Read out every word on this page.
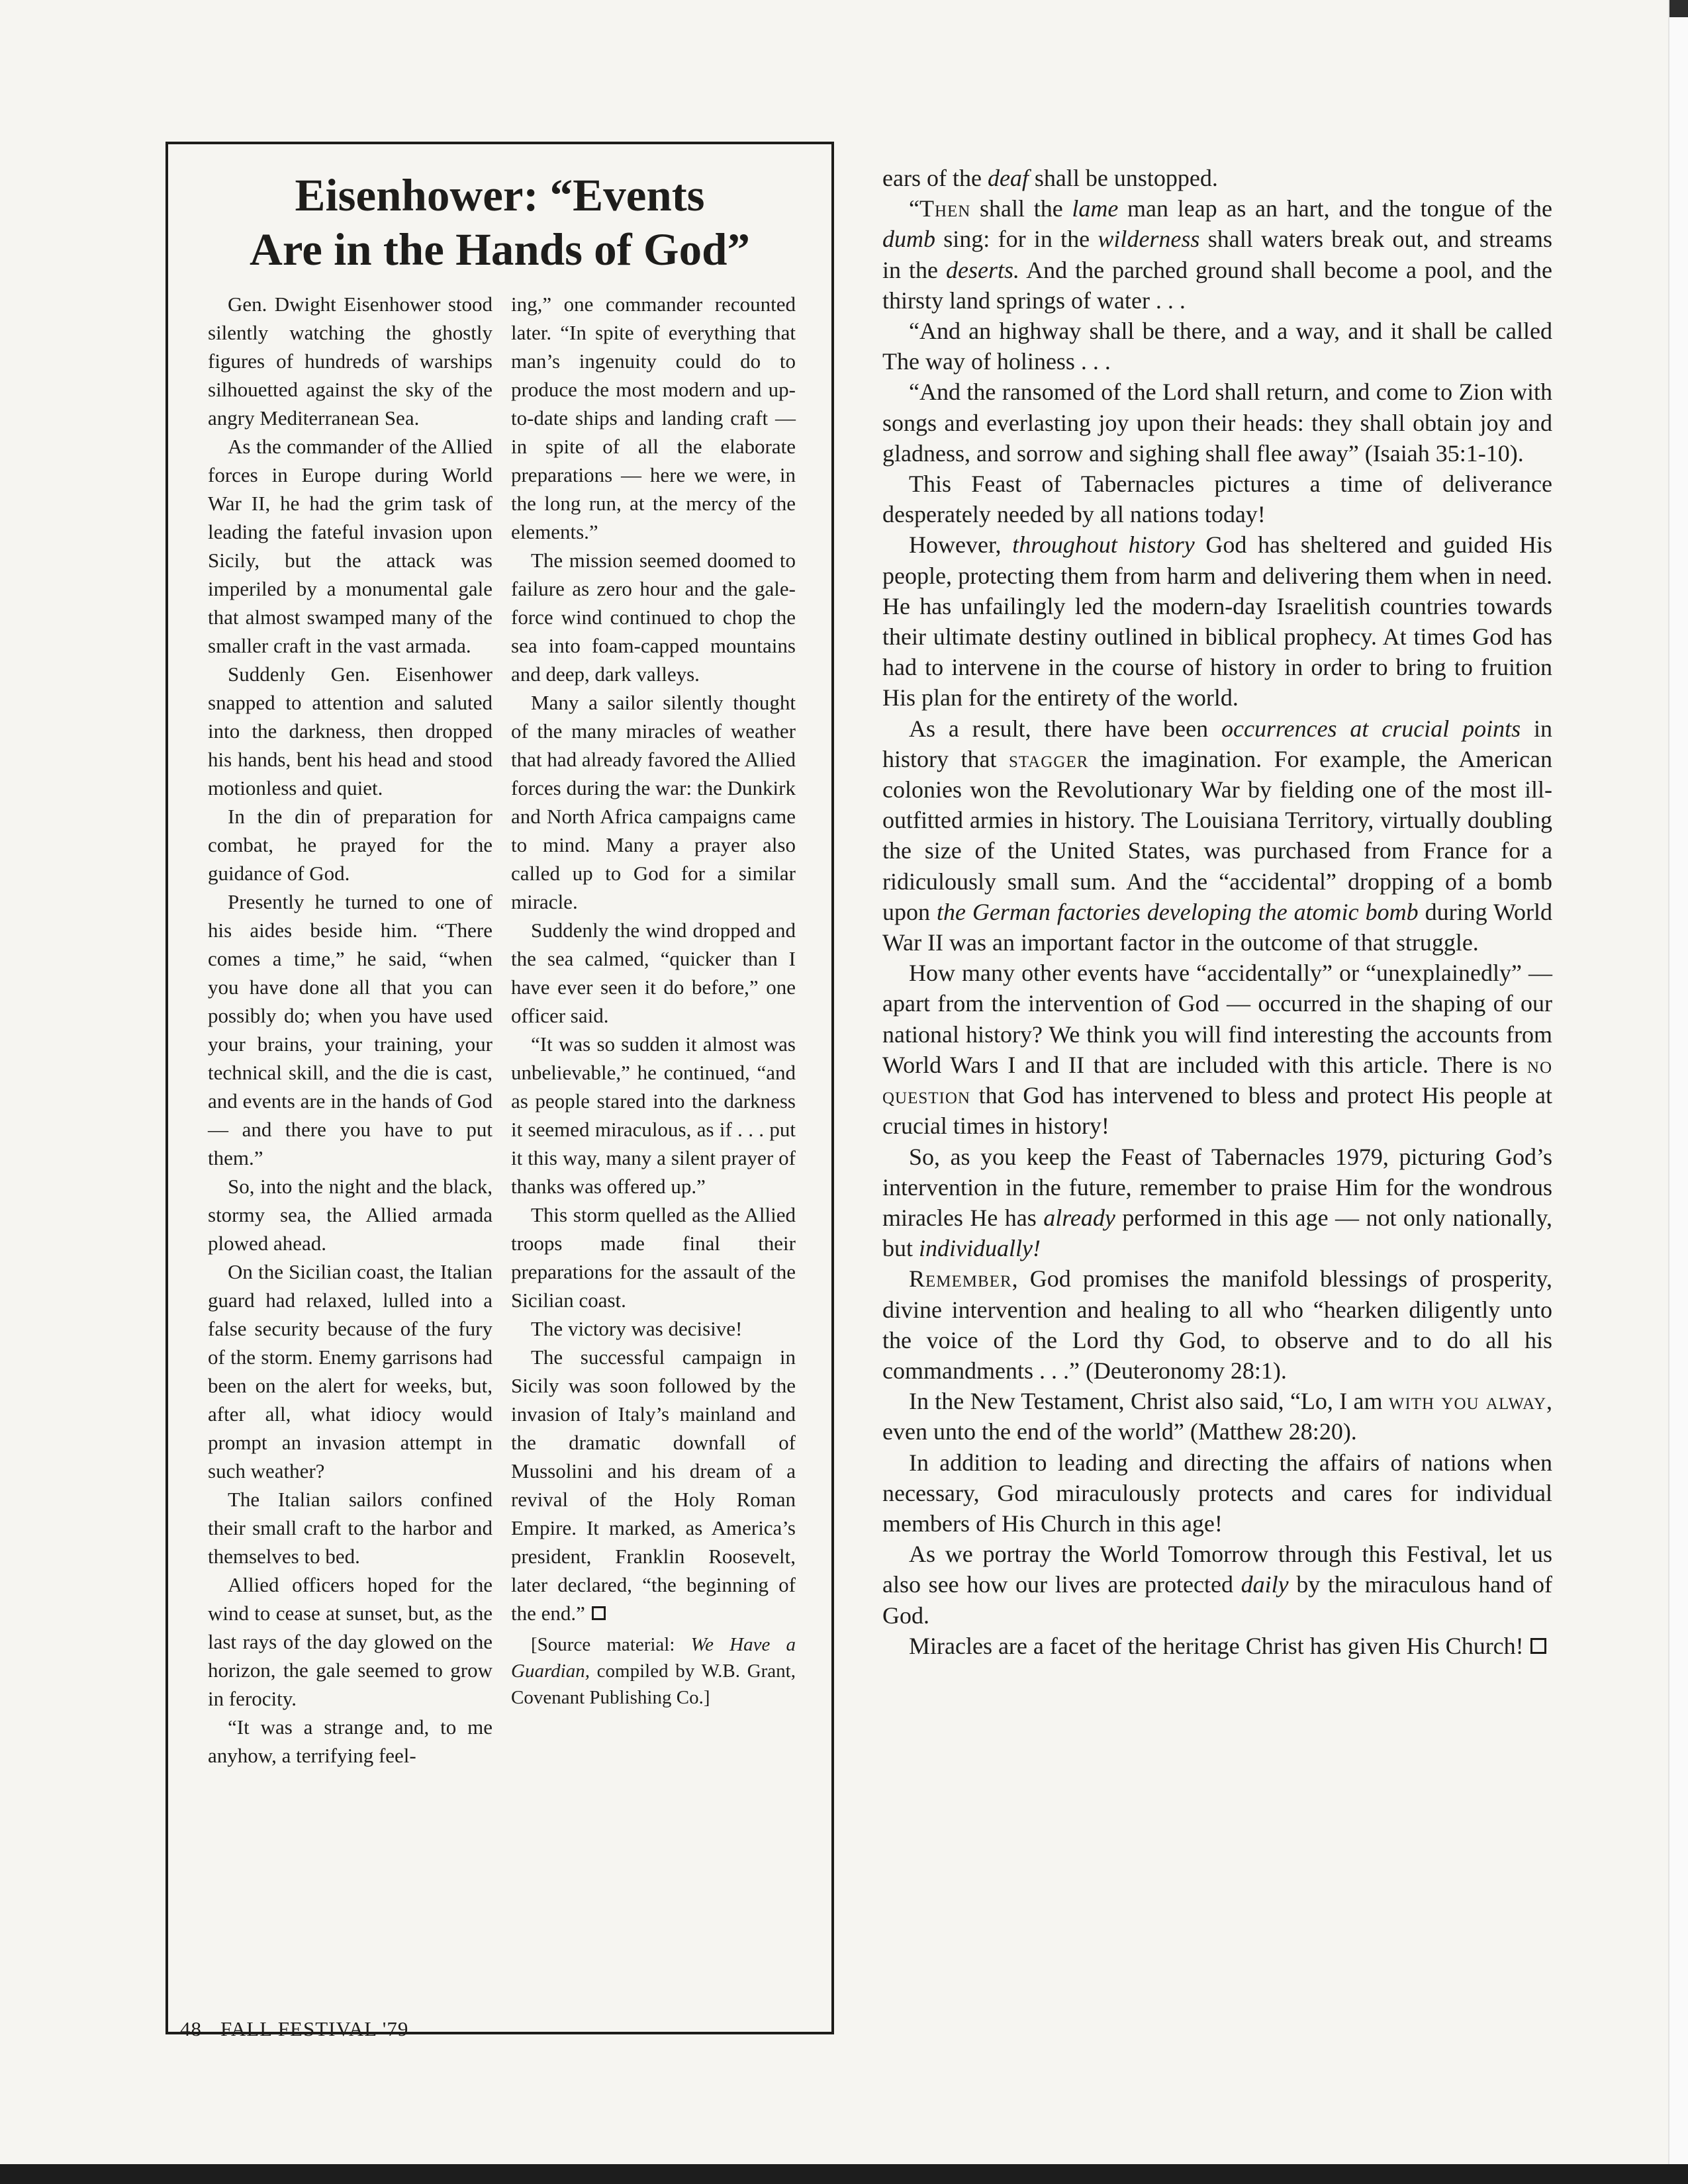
Eisenhower: “Events
Are in the Hands of God”

Gen. Dwight Eisenhower stood silently watching the ghostly figures of hundreds of warships silhouetted against the sky of the angry Mediterranean Sea.

As the commander of the Allied forces in Europe during World War II, he had the grim task of leading the fateful invasion upon Sicily, but the attack was imperiled by a monumental gale that almost swamped many of the smaller craft in the vast armada.

Suddenly Gen. Eisenhower snapped to attention and saluted into the darkness, then dropped his hands, bent his head and stood motionless and quiet.

In the din of preparation for combat, he prayed for the guidance of God.

Presently he turned to one of his aides beside him. “There comes a time,” he said, “when you have done all that you can possibly do; when you have used your brains, your training, your technical skill, and the die is cast, and events are in the hands of God — and there you have to put them.”

So, into the night and the black, stormy sea, the Allied armada plowed ahead.

On the Sicilian coast, the Italian guard had relaxed, lulled into a false security because of the fury of the storm. Enemy garrisons had been on the alert for weeks, but, after all, what idiocy would prompt an invasion attempt in such weather?

The Italian sailors confined their small craft to the harbor and themselves to bed.

Allied officers hoped for the wind to cease at sunset, but, as the last rays of the day glowed on the horizon, the gale seemed to grow in ferocity.

“It was a strange and, to me anyhow, a terrifying feel-

ing,” one commander recounted later. “In spite of everything that man’s ingenuity could do to produce the most modern and up-to-date ships and landing craft — in spite of all the elaborate preparations — here we were, in the long run, at the mercy of the elements.”

The mission seemed doomed to failure as zero hour and the gale-force wind continued to chop the sea into foam-capped mountains and deep, dark valleys.

Many a sailor silently thought of the many miracles of weather that had already favored the Allied forces during the war: the Dunkirk and North Africa campaigns came to mind. Many a prayer also called up to God for a similar miracle.

Suddenly the wind dropped and the sea calmed, “quicker than I have ever seen it do before,” one officer said.

“It was so sudden it almost was unbelievable,” he continued, “and as people stared into the darkness it seemed miraculous, as if . . . put it this way, many a silent prayer of thanks was offered up.”

This storm quelled as the Allied troops made final their preparations for the assault of the Sicilian coast.

The victory was decisive!

The successful campaign in Sicily was soon followed by the invasion of Italy’s mainland and the dramatic downfall of Mussolini and his dream of a revival of the Holy Roman Empire. It marked, as America’s president, Franklin Roosevelt, later declared, “the beginning of the end.”

[Source material: We Have a Guardian, compiled by W.B. Grant, Covenant Publishing Co.]

ears of the deaf shall be unstopped.

“Then shall the lame man leap as an hart, and the tongue of the dumb sing: for in the wilderness shall waters break out, and streams in the deserts. And the parched ground shall become a pool, and the thirsty land springs of water . . .

“And an highway shall be there, and a way, and it shall be called The way of holiness . . .

“And the ransomed of the Lord shall return, and come to Zion with songs and everlasting joy upon their heads: they shall obtain joy and gladness, and sorrow and sighing shall flee away” (Isaiah 35:1-10).

This Feast of Tabernacles pictures a time of deliverance desperately needed by all nations today!

However, throughout history God has sheltered and guided His people, protecting them from harm and delivering them when in need. He has unfailingly led the modern-day Israelitish countries towards their ultimate destiny outlined in biblical prophecy. At times God has had to intervene in the course of history in order to bring to fruition His plan for the entirety of the world.

As a result, there have been occurrences at crucial points in history that stagger the imagination. For example, the American colonies won the Revolutionary War by fielding one of the most ill-outfitted armies in history. The Louisiana Territory, virtually doubling the size of the United States, was purchased from France for a ridiculously small sum. And the “accidental” dropping of a bomb upon the German factories developing the atomic bomb during World War II was an important factor in the outcome of that struggle.

How many other events have “accidentally” or “unexplainedly” — apart from the intervention of God — occurred in the shaping of our national history? We think you will find interesting the accounts from World Wars I and II that are included with this article. There is no question that God has intervened to bless and protect His people at crucial times in history!

So, as you keep the Feast of Tabernacles 1979, picturing God’s intervention in the future, remember to praise Him for the wondrous miracles He has already performed in this age — not only nationally, but individually!

Remember, God promises the manifold blessings of prosperity, divine intervention and healing to all who “hearken diligently unto the voice of the Lord thy God, to observe and to do all his commandments . . .” (Deuteronomy 28:1).

In the New Testament, Christ also said, “Lo, I am with you alway, even unto the end of the world” (Matthew 28:20).

In addition to leading and directing the affairs of nations when necessary, God miraculously protects and cares for individual members of His Church in this age!

As we portray the World Tomorrow through this Festival, let us also see how our lives are protected daily by the miraculous hand of God.

Miracles are a facet of the heritage Christ has given His Church!

48 FALL FESTIVAL '79
